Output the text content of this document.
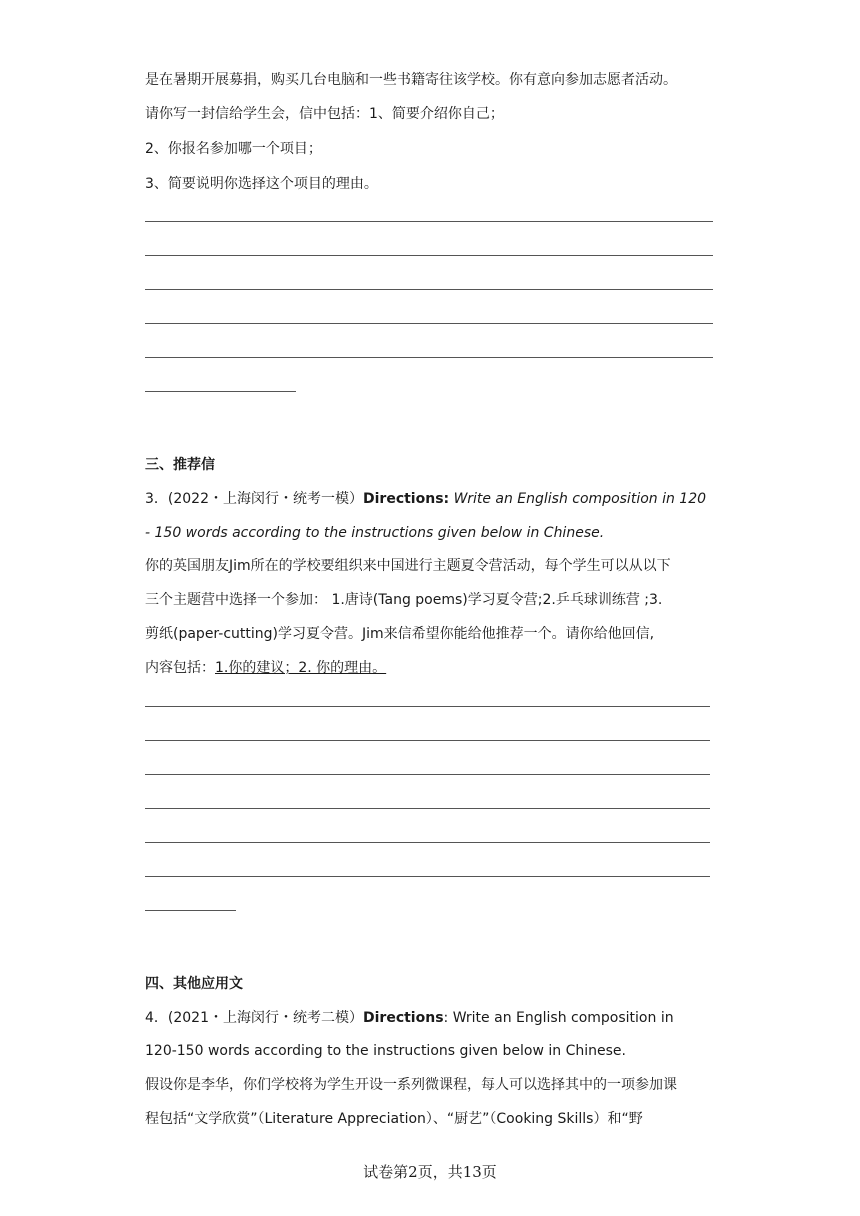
是在暑期开展募捐，购买几台电脑和一些书籍寄往该学校。你有意向参加志愿者活动。
请你写一封信给学生会，信中包括：1、简要介绍你自己；
2、你报名参加哪一个项目；
3、简要说明你选择这个项目的理由。
三、推荐信
3．(2022・上海闵行・统考一模）Directions: Write an English composition in 120
- 150 words according to the instructions given below in Chinese.
你的英国朋友Jim所在的学校要组织来中国进行主题夏令营活动，每个学生可以从以下
三个主题营中选择一个参加： 1.唐诗(Tang poems)学习夏令营;2.乒乓球训练营 ;3.
剪纸(paper-cutting)学习夏令营。Jim来信希望你能给他推荐一个。请你给他回信,
内容包括：1.你的建议；2. 你的理由。
四、其他应用文
4．(2021・上海闵行・统考二模）Directions: Write an English composition in
120-150 words according to the instructions given below in Chinese.
假设你是李华，你们学校将为学生开设一系列微课程，每人可以选择其中的一项参加课
程包括“文学欣赏”（Literature Appreciation）、“厨艺”（Cooking Skills）和“野
试卷第2页，共13页
